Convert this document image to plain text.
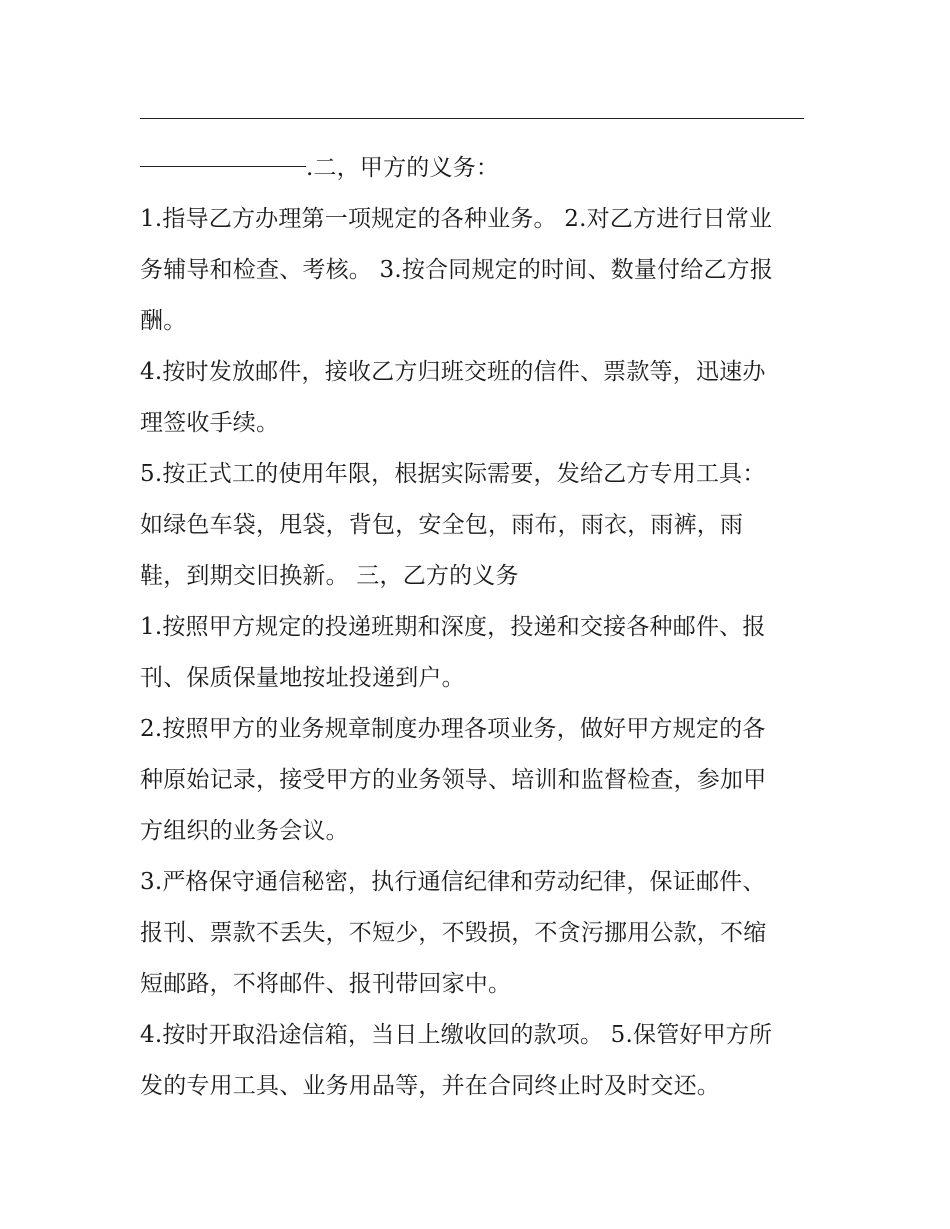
.二，甲方的义务：
1.指导乙方办理第一项规定的各种业务。 2.对乙方进行日常业
务辅导和检查、考核。 3.按合同规定的时间、数量付给乙方报
酬。
4.按时发放邮件，接收乙方归班交班的信件、票款等，迅速办
理签收手续。
5.按正式工的使用年限，根据实际需要，发给乙方专用工具：
如绿色车袋，甩袋，背包，安全包，雨布，雨衣，雨裤，雨
鞋，到期交旧换新。 三，乙方的义务
1.按照甲方规定的投递班期和深度，投递和交接各种邮件、报
刊、保质保量地按址投递到户。
2.按照甲方的业务规章制度办理各项业务，做好甲方规定的各
种原始记录，接受甲方的业务领导、培训和监督检查，参加甲
方组织的业务会议。
3.严格保守通信秘密，执行通信纪律和劳动纪律，保证邮件、
报刊、票款不丢失，不短少，不毁损，不贪污挪用公款，不缩
短邮路，不将邮件、报刊带回家中。
4.按时开取沿途信箱，当日上缴收回的款项。 5.保管好甲方所
发的专用工具、业务用品等，并在合同终止时及时交还。
